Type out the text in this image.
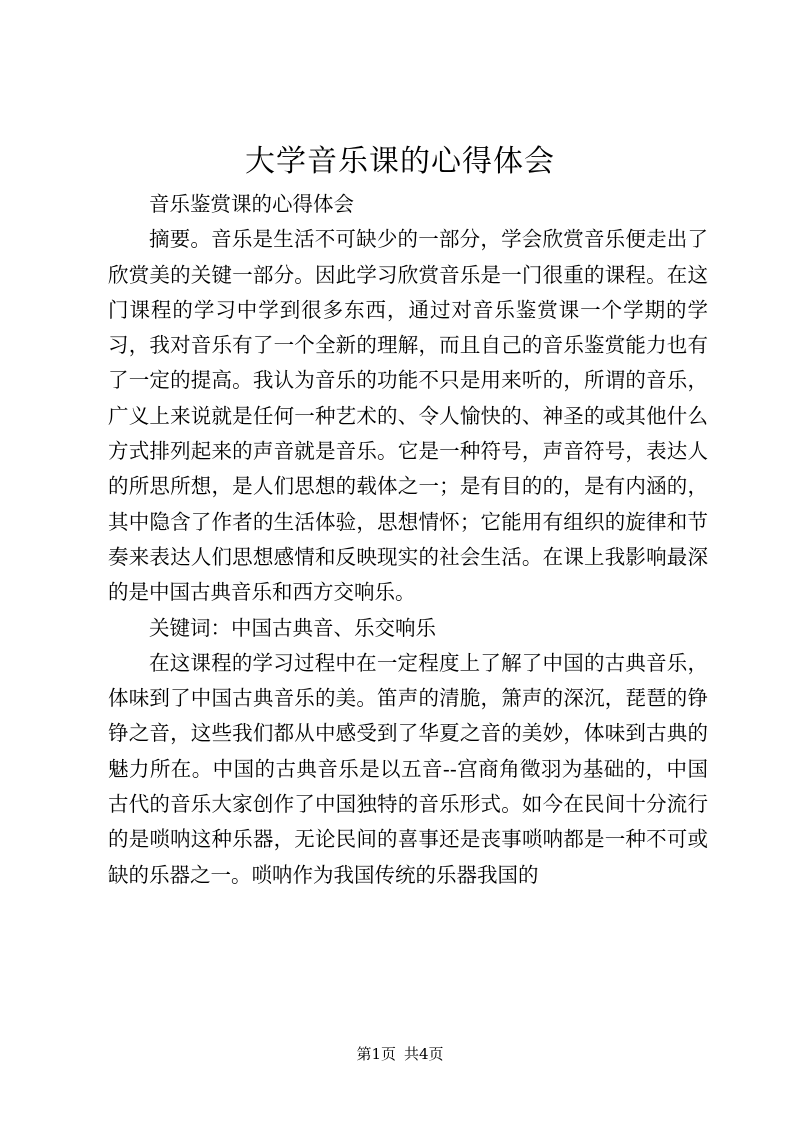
大学音乐课的心得体会

音乐鉴赏课的心得体会

摘要。音乐是生活不可缺少的一部分，学会欣赏音乐便走出了欣赏美的关键一部分。因此学习欣赏音乐是一门很重的课程。在这门课程的学习中学到很多东西，通过对音乐鉴赏课一个学期的学习，我对音乐有了一个全新的理解，而且自己的音乐鉴赏能力也有了一定的提高。我认为音乐的功能不只是用来听的，所谓的音乐，广义上来说就是任何一种艺术的、令人愉快的、神圣的或其他什么方式排列起来的声音就是音乐。它是一种符号，声音符号，表达人的所思所想，是人们思想的载体之一；是有目的的，是有内涵的，其中隐含了作者的生活体验，思想情怀；它能用有组织的旋律和节奏来表达人们思想感情和反映现实的社会生活。在课上我影响最深的是中国古典音乐和西方交响乐。

关键词：中国古典音、乐交响乐

在这课程的学习过程中在一定程度上了解了中国的古典音乐，体味到了中国古典音乐的美。笛声的清脆，箫声的深沉，琵琶的铮铮之音，这些我们都从中感受到了华夏之音的美妙，体味到古典的魅力所在。中国的古典音乐是以五音--宫商角徵羽为基础的，中国古代的音乐大家创作了中国独特的音乐形式。如今在民间十分流行的是唢呐这种乐器，无论民间的喜事还是丧事唢呐都是一种不可或缺的乐器之一。唢呐作为我国传统的乐器我国的

第1页 共4页
